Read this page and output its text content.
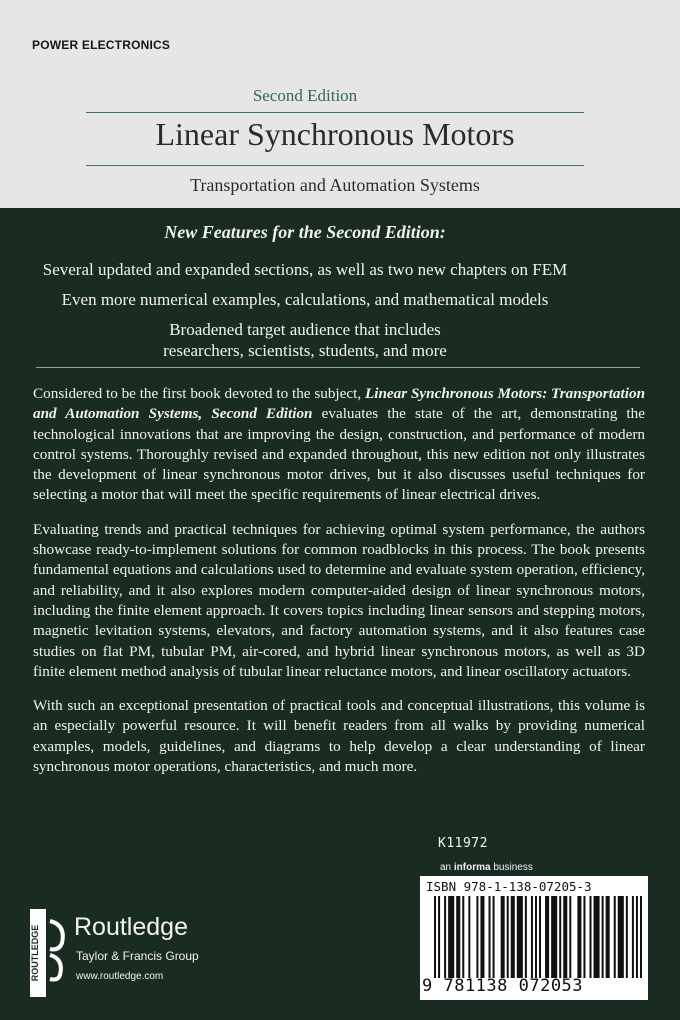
POWER ELECTRONICS
Second Edition
Linear Synchronous Motors
Transportation and Automation Systems
New Features for the Second Edition:
Several updated and expanded sections, as well as two new chapters on FEM
Even more numerical examples, calculations, and mathematical models
Broadened target audience that includes researchers, scientists, students, and more

Considered to be the first book devoted to the subject, Linear Synchronous Motors: Transportation and Automation Systems, Second Edition evaluates the state of the art, demonstrating the technological innovations that are improving the design, construction, and performance of modern control systems. Thoroughly revised and expanded throughout, this new edition not only illustrates the development of linear synchronous motor drives, but it also discusses useful techniques for selecting a motor that will meet the specific requirements of linear electrical drives.

Evaluating trends and practical techniques for achieving optimal system performance, the authors showcase ready-to-implement solutions for common roadblocks in this process. The book presents fundamental equations and calculations used to determine and evaluate system operation, efficiency, and reliability, and it also explores modern computer-aided design of linear synchronous motors, including the finite element approach. It covers topics including linear sensors and stepping motors, magnetic levitation systems, elevators, and factory automation systems, and it also features case studies on flat PM, tubular PM, air-cored, and hybrid linear synchronous motors, as well as 3D finite element method analysis of tubular linear reluctance motors, and linear oscillatory actuators.

With such an exceptional presentation of practical tools and conceptual illustrations, this volume is an especially powerful resource. It will benefit readers from all walks by providing numerical examples, models, guidelines, and diagrams to help develop a clear understanding of linear synchronous motor operations, characteristics, and much more.

K11972
an informa business
ISBN 978-1-138-07205-3
9 781138 072053
ROUTLEDGE Routledge
Taylor & Francis Group
www.routledge.com
